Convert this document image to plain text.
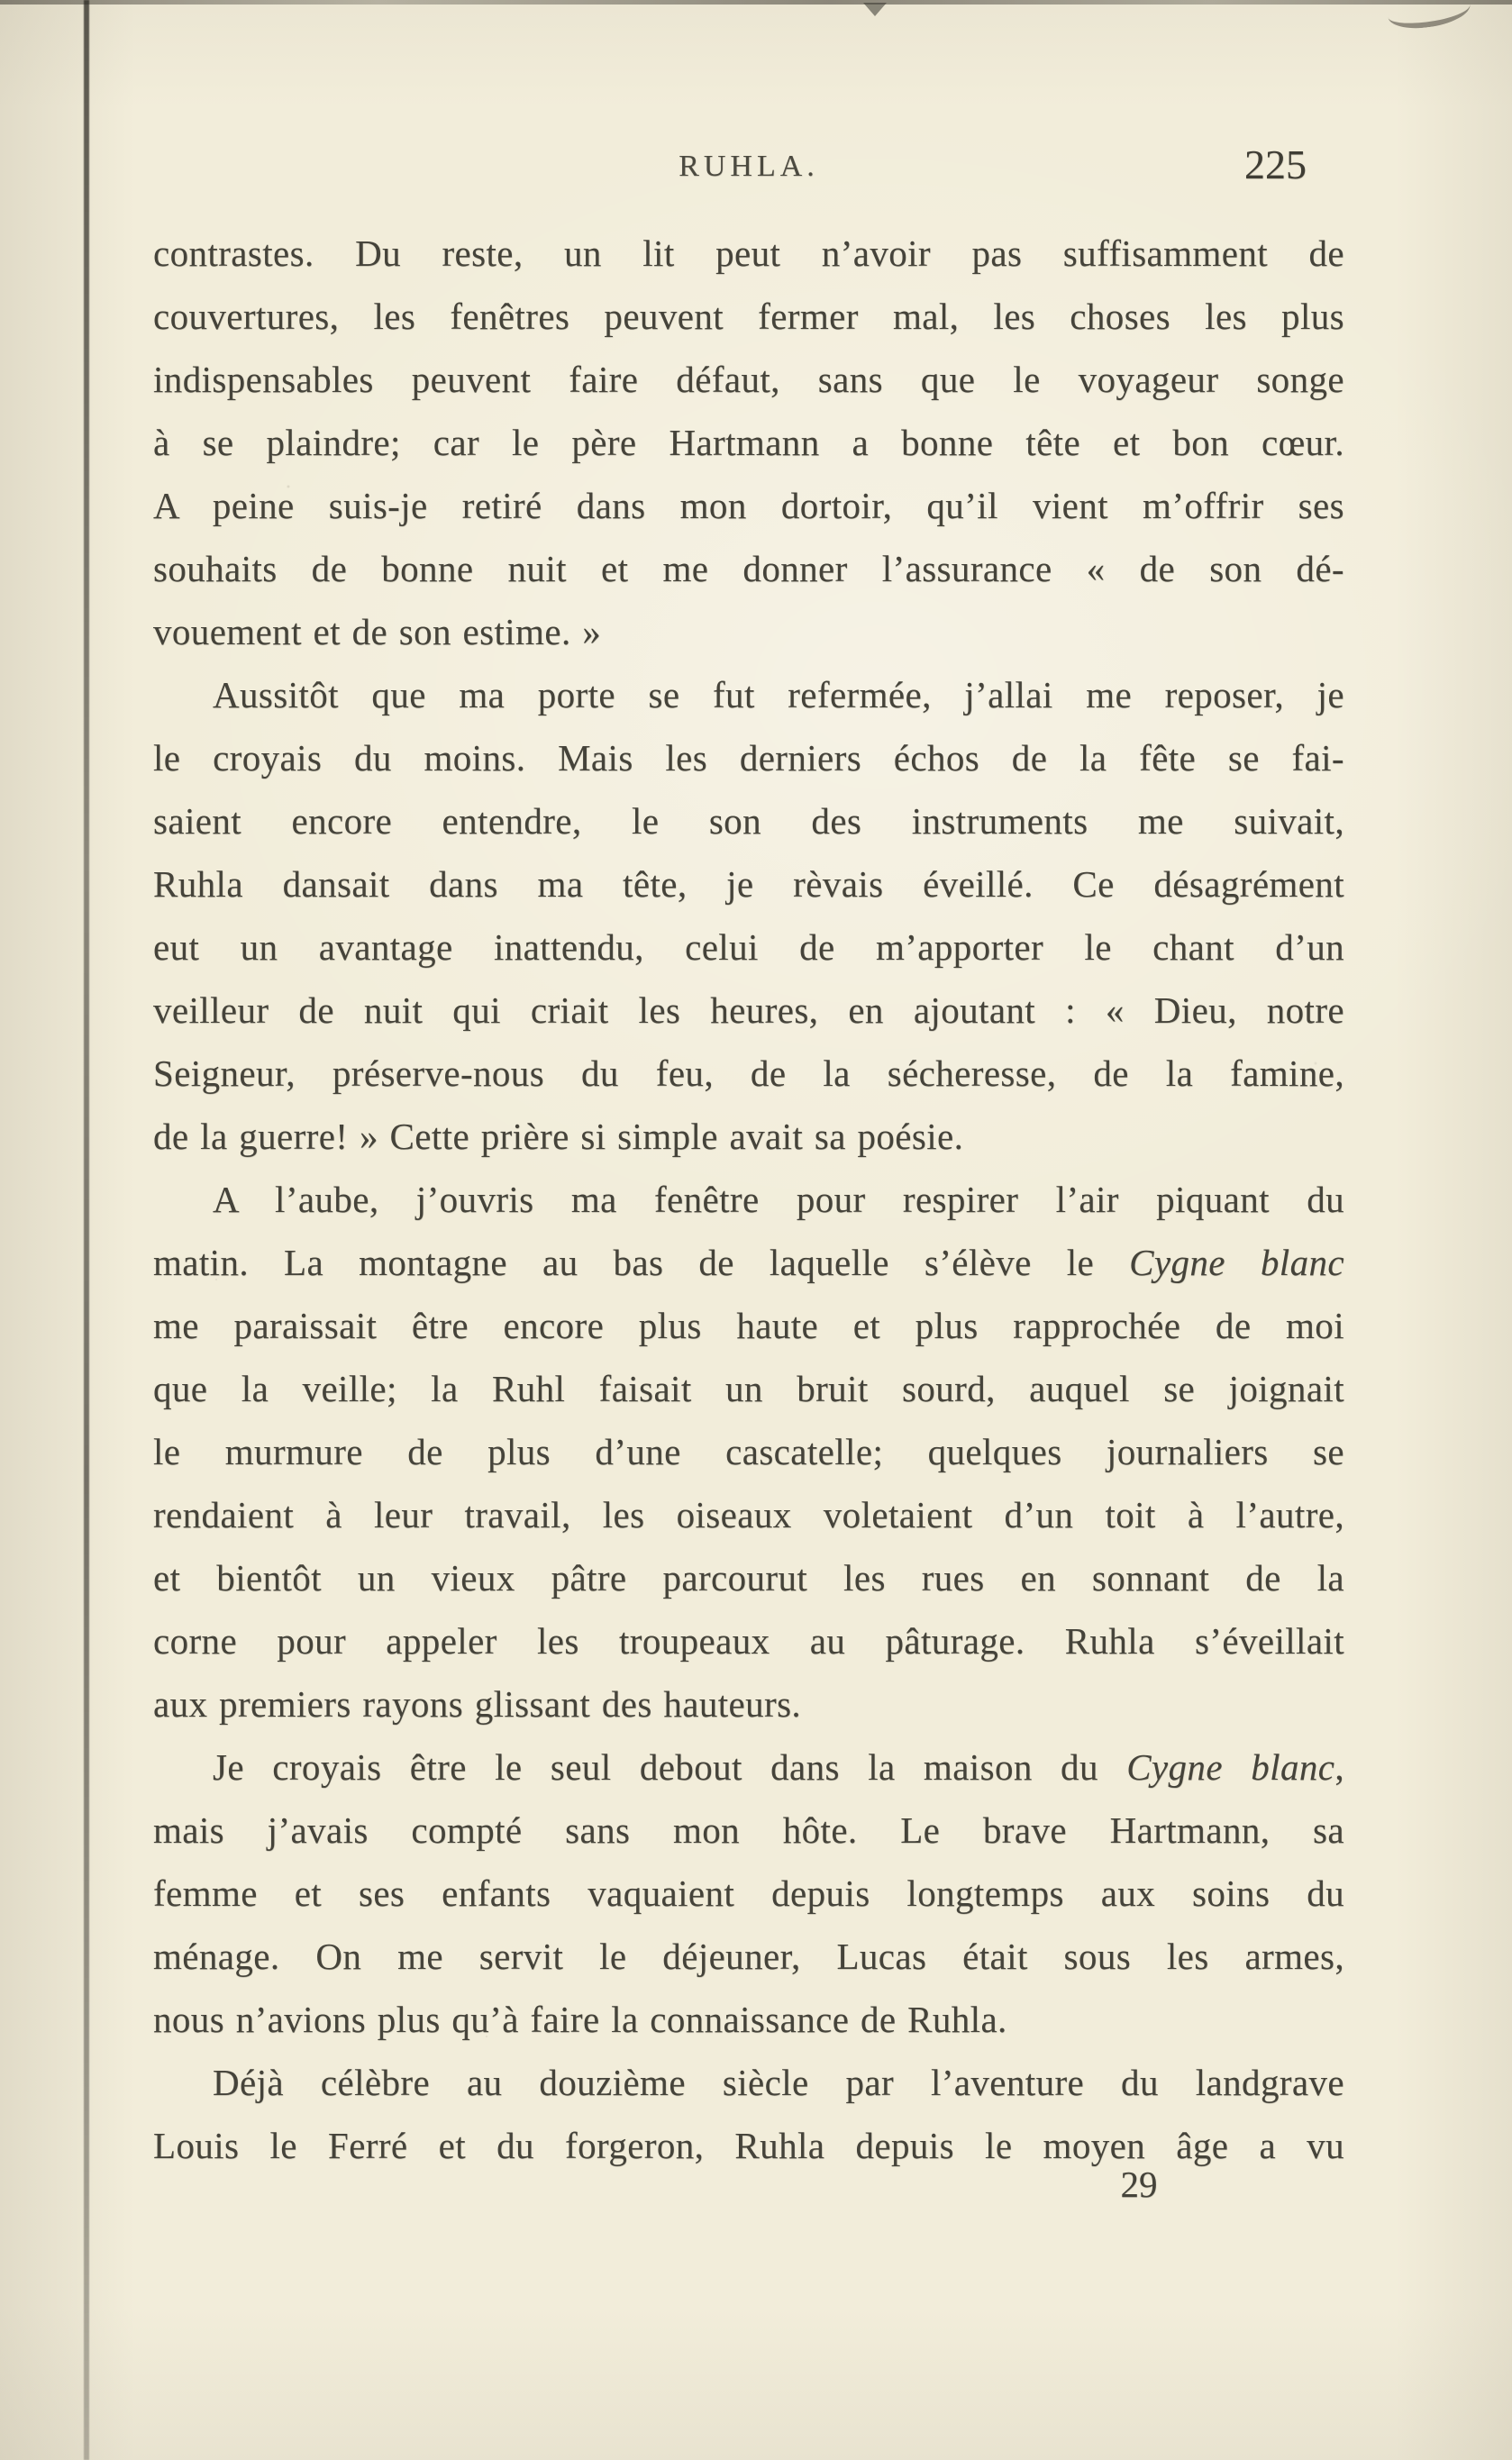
RUHLA.	225
contrastes. Du reste, un lit peut n’avoir pas suffisamment de
couvertures, les fenêtres peuvent fermer mal, les choses les plus
indispensables peuvent faire défaut, sans que le voyageur songe
à se plaindre; car le père Hartmann a bonne tête et bon cœur.
A peine suis-je retiré dans mon dortoir, qu’il vient m’offrir ses
souhaits de bonne nuit et me donner l’assurance « de son dé-
vouement et de son estime. »
Aussitôt que ma porte se fut refermée, j’allai me reposer, je
le croyais du moins. Mais les derniers échos de la fête se fai-
saient encore entendre, le son des instruments me suivait,
Ruhla dansait dans ma tête, je rèvais éveillé. Ce désagrément
eut un avantage inattendu, celui de m’apporter le chant d’un
veilleur de nuit qui criait les heures, en ajoutant : « Dieu, notre
Seigneur, préserve-nous du feu, de la sécheresse, de la famine,
de la guerre! » Cette prière si simple avait sa poésie.
A l’aube, j’ouvris ma fenêtre pour respirer l’air piquant du
matin. La montagne au bas de laquelle s’élève le Cygne blanc
me paraissait être encore plus haute et plus rapprochée de moi
que la veille; la Ruhl faisait un bruit sourd, auquel se joignait
le murmure de plus d’une cascatelle; quelques journaliers se
rendaient à leur travail, les oiseaux voletaient d’un toit à l’autre,
et bientôt un vieux pâtre parcourut les rues en sonnant de la
corne pour appeler les troupeaux au pâturage. Ruhla s’éveillait
aux premiers rayons glissant des hauteurs.
Je croyais être le seul debout dans la maison du Cygne blanc,
mais j’avais compté sans mon hôte. Le brave Hartmann, sa
femme et ses enfants vaquaient depuis longtemps aux soins du
ménage. On me servit le déjeuner, Lucas était sous les armes,
nous n’avions plus qu’à faire la connaissance de Ruhla.
Déjà célèbre au douzième siècle par l’aventure du landgrave
Louis le Ferré et du forgeron, Ruhla depuis le moyen âge a vu
29
